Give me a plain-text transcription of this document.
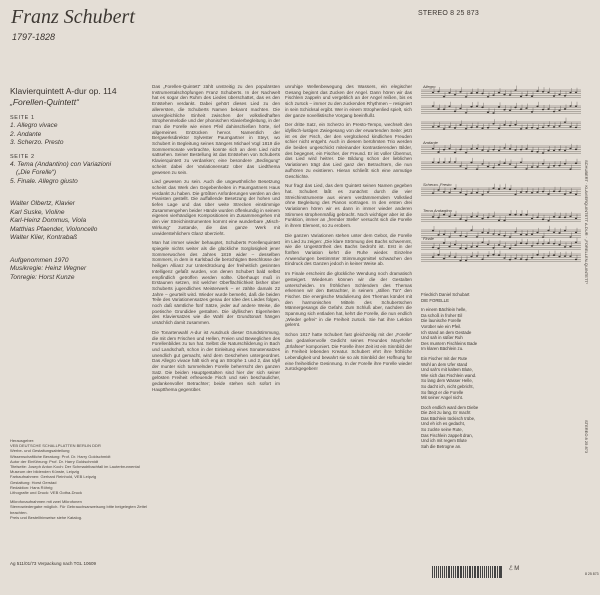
Franz Schubert
1797-1828
STEREO 8 25 873
Klavierquintett A-dur op. 114
„Forellen-Quintett“
SEITE 1
1. Allegro vivace
2. Andante
3. Scherzo. Presto
SEITE 2
4. Tema (Andantino) con Variazioni
(„Die Forelle“)
5. Finale. Allegro giusto
Walter Olbertz, Klavier
Karl Suske, Violine
Karl-Heinz Dommus, Viola
Matthias Pfaender, Violoncello
Walter Klier, Kontrabaß
Aufgenommen 1970
Musikregie: Heinz Wegner
Tonregie: Horst Kunze
Herausgeber:
VEB DEUTSCHE SCHALLPLATTEN BERLIN DDR
Werbe- und Gestaltungsabteilung
Wissenschaftliche Beratung: Prof. Dr. Harry Goldschmidt
Autor der Einführung: Prof. Dr. Harry Goldschmidt
Titelseite: Joseph Anton Koch: Der Schmadribachfall im Lauterbrunnental
Museum der bildenden Künste, Leipzig
Farbaufnahmen: Gerhard Reinhold, VEB Leipzig
Gestaltung: Horst Gerstad
Redaktion: Hans Röhrig
Lithografie und Druck: VEB Gotha-Druck
Mikrofonaufnahmen mit zwei Mikrofonen
Stereowiedergabe möglich. Für Gebrauchsanweisung bitte beigelegten Zettel beachten.
Preis und Bestellhinweise siehe Katalog.
Ag 511/01/73 Verpackung nach TGL 10609

Das „Forellen-Quintett“ zählt unstreitig zu den populärsten Instrumentalschöpfungen Franz Schuberts. In der Nachwelt hat es sogar den Ruhm des Liedes überschattet, das es den Entstehen verdankt. Dabei gehört dieses Lied zu den allerersten, die Schuberts Namen bekannt machten. Die unvergleichliche Einheit zwischen der volksliedhaften Strophenmelodie und der phonischen Klavierbegleitung, in der man die Forelle wie einen Pfeil dahinschießen hörte, rief allgemeines Entzücken hervor. Namentlich der Bergwerksdirektor Sylvester Paumgartner in Steyr, wo Schubert in Begleitung seines Sängers Michael Vogl 1819 die Sommermonate verbrachte, konnte sich an dem Lied nicht sattsehen. Seiner Bestellung ist das Entstehen von Schuberts Klavierquintett zu verdanken; eine besondere „Bedingung“ scheint dabei der Variationensatz über das Liedthema gewesen zu sein.

Lied gewesen zu sein. Auch die ungewöhnliche Besetzung scheint das Werk den Gegebenheiten in Paumgartners Haus verdankt zu haben. Die größten Anforderungen werden an den Pianisten gestellt. Die auffallende Besetzung der hohen und tiefen Lage und das über weite Strecken einstimmige Zusammengehen beider Hände wurden offenkundig in seinem eigenen vierhändigen Kompositionen im Zusammengehen mit den vier Streichinstrumenten kommt eine wunderbare „Misch-Wirkung“ zustande, die das ganze Werk mit unwiderstehlichem Glanz überzieht.

Man hat immer wieder behauptet, Schuberts Forellenquintett spiegele nichts weiter als die glückliche Sorglosigkeit jener Sommerwochen des Jahres 1819 wider – desselben Sommers, in dem in Karlsbad die berüchtigten Beschlüsse der heiligen Allianz zur Unterdrückung der freiheitlich gesinnten Intelligenz gefaßt wurden, von denen Schubert bald selbst empfindlich getroffen werden sollte. Überhaupt muß in Erstaunen setzen, mit welcher Oberflächlichkeit bisher über Schuberts jugendliches Meisterwerk – er zählte damals 22 Jahre – geurteilt wird. Wieder wurde bemerkt, daß die beiden Teile des Variationensatzes genau der Idee des Liedes folgen, noch daß sämtliche fünf Sätze, jeder auf andere Weise, die poetische Grundidee gestalten. Die idyllischen Eigenheiten des Klaviersatzes wie die Wahl der Grundtonart hängen ursächlich damit zusammen.

Die Tonartenwahl A-dur ist Ausdruck dieser Grundstimmung, die mit dem Frischen und Hellen, Freien und Beweglichen des Forellenbildes zu tun hat. Selbst die Naturschilderung in Bach und Landschaft, schon in der Einleitung eines Sonatensatzes unendlich gut gemacht, wird dem Geschehen untergeordnet. Das Allegro vivace hält sich eng an Strophe 1 und 2, das Idyll der munter sich tummelnden Forelle beherrscht den ganzen Satz. Die beiden Hauptgestalten sind hier der sich seiner gelösten Freiheit erfreuende Fisch und sein beschaulicher, gedankenvoller Betrachter; beide stehen sich sofort im Hauptthema gegenüber.

unruhige Wellenbewegung des Wassers, ein elegischer Gesang beginnt das Zucken der Angel. Dann hören wir das Fischlein zappeln und vergeblich an der Angel reißen, bis es sich zurück – immer zu den zuckenden Rhythmen – resigniert in sein Schicksal ergibt. Wer in einem Strophenlied spielt, sich der ganze novellistische Vorgang beeinflußt.

Der dritte Satz, ein Scherzo im Presto-Tempo, wechselt den idyllisch-lustigen Zwiegesang von der erwartenden Seite: jetzt ist es der Fisch, der den verglückend kindlichen Freuden schier nicht entgeht. Auch in diesem berühmten Trio werden die beiden ungeschickt miteinander kontrastierenden Bilder, des begegnet, ein Fischer, der Freund. Er ist voller Übermut, das Lied wird heitrer. Die Bildung schon der lieblichen Variationen trägt das Lied ganz den Betrachtern, die nun aufhören zu existieren. Hieran schließt sich eine anmutige Geschichte.

Nur fragt das Lied, das dem Quintett seinen Namen gegeben hat. Schubert läßt es zunächst durch die vier Streichinstrumente aus einem verdämmerndem Volkslied ohne Begleitung des Pianos vortragen. In den ersten drei Variationen hören wir es dann in immer wieder anderen Stimmen strophenmäßig gebracht. Noch wichtiger aber ist die Funktion, immer an „fremder Stelle“ versucht sich die Forelle in ihrem Element, so zu erobern.

Die ganzen Variationen stehen unter dem Gebot, die Forelle im Lied zu zeigen: „Die klare Strömung des Bachs schwemmt, wie die Ungestörtheit des Bachs bedroht ist. Erst in der fünften Variation kehrt die Ruhe wieder. Einzelne Anwendungen bestimmter Stimmungsmittel schwächen den Eindruck des Ganzen jedoch in keiner Weise ab.

Im Finale erscheint die glückliche Wendung noch dramatisch gesteigert. Wiederum können wir die der Gestalten unterscheiden. Im fröhlichen Schlendern des Themas erkennen wir den Betrachter, in seinem „stillen Ton“ den Fischer. Die energische Modulierung des Themas kündet mit den harmonischen Mitteln des Schubertschen Männergesangs die Gefahr. Zum Schluß aber, nachdem die Spannung sich entladen hat, kehrt die Forelle, die nun endlich „Wieder gefrei“ in die Freiheit zurück. Sie hat ihre Lektion gelernt.

Schon 1817 hatte Schubert fast gleichzeitig mit der „Forelle“ das gedankenvolle Gedicht seines Freundes Mayrhofer „Erlafsee“ komponiert. Die Forelle ihrer Zeit ist ein Sinnbild der in Freiheit lebenden Kreatur. Schubert ehrt ihre fröhliche Lebendigkeit und bewahrt sie so als Sinnbild der Hoffnung für eine freiheitliche Gesinnung. In der Forelle ihre Forelle wieder zurückgegeben!

Allegro
Andante
Scherzo. Presto
Tema Andantino
Finale
Friedrich Daniel Schubart
DIE FORELLE
In einem Bächlein helle,
Da schoß in froher Eil
Die launische Forelle
Vorüber wie ein Pfeil.
Ich stand an dem Gestade
Und sah in süßer Ruh
Des muntern Fischleins Bade
Im klaren Bächlein zu.
Ein Fischer mit der Rute
Wohl an dem Ufer stand
Und sah's mit kaltem Blute,
Wie sich das Fischlein wand.
So lang dem Wasser Helle,
So dacht ich, nicht gebricht,
So fängt er die Forelle
Mit seiner Angel nicht.
Doch endlich ward dem Diebe
Die Zeit zu lang. Er macht
Das Bächlein tückisch trübe,
Und eh ich es gedacht,
So zuckte seine Rute,
Das Fischlein zappelt dran,
Und ich mit regem Blute
Sah die Betrogne an.
SCHUBERT · KLAVIERQUINTETT A-DUR · „FORELLEN-QUINTETT“
STEREO 8 25 873
8 25 873
ℰ M
